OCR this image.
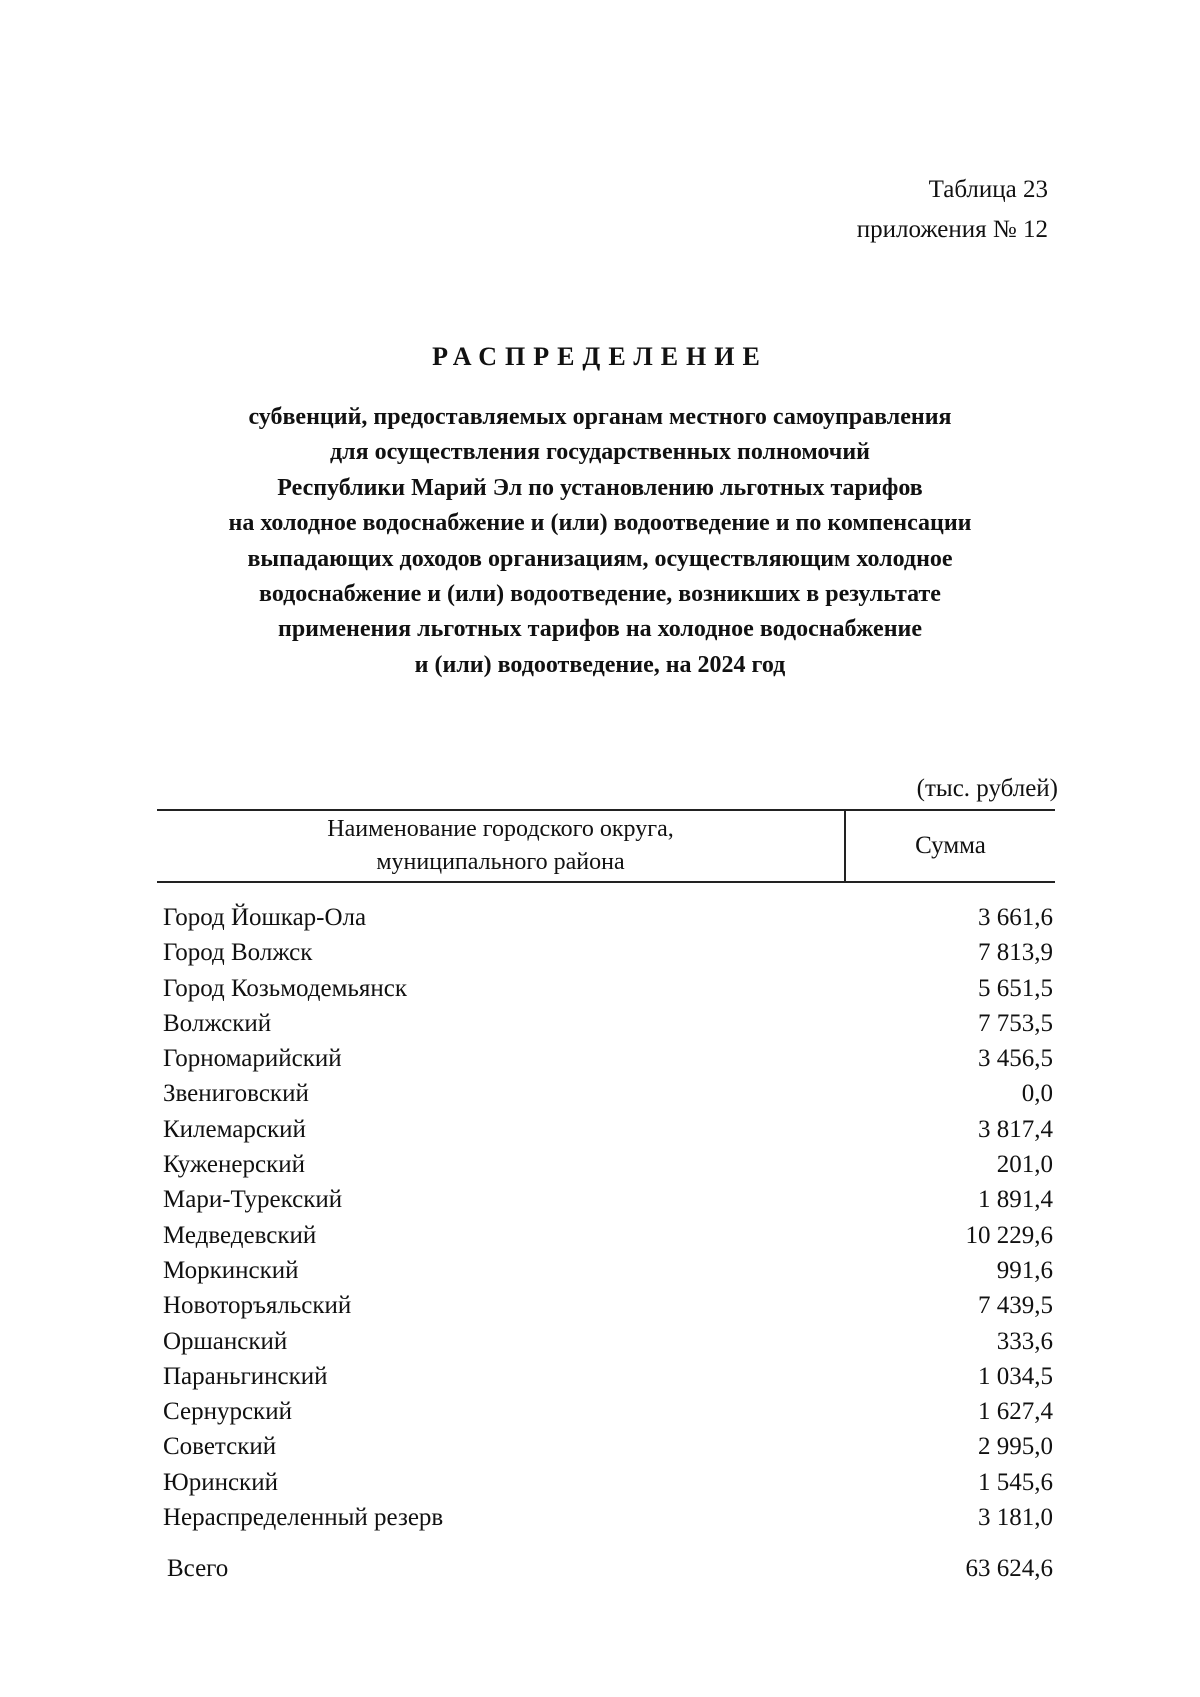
Таблица 23
приложения № 12
РАСПРЕДЕЛЕНИЕ
субвенций, предоставляемых органам местного самоуправления
для осуществления государственных полномочий
Республики Марий Эл по установлению льготных тарифов
на холодное водоснабжение и (или) водоотведение и по компенсации
выпадающих доходов организациям, осуществляющим холодное
водоснабжение и (или) водоотведение, возникших в результате
применения льготных тарифов на холодное водоснабжение
и (или) водоотведение, на 2024 год
(тыс. рублей)
Наименование городского округа,
муниципального района
Сумма
Город Йошкар-Ола	3 661,6
Город Волжск	7 813,9
Город Козьмодемьянск	5 651,5
Волжский	7 753,5
Горномарийский	3 456,5
Звениговский	0,0
Килемарский	3 817,4
Куженерский	201,0
Мари-Турекский	1 891,4
Медведевский	10 229,6
Моркинский	991,6
Новоторъяльский	7 439,5
Оршанский	333,6
Параньгинский	1 034,5
Сернурский	1 627,4
Советский	2 995,0
Юринский	1 545,6
Нераспределенный резерв	3 181,0
Всего	63 624,6
